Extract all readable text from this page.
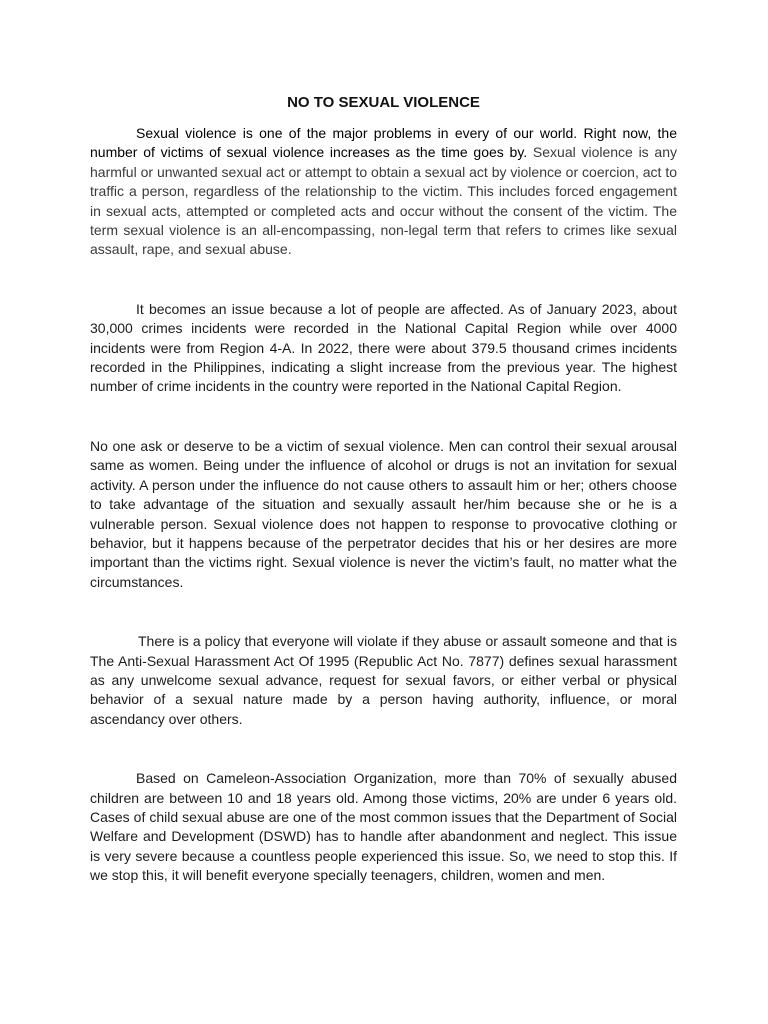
NO TO SEXUAL VIOLENCE

Sexual violence is one of the major problems in every of our world. Right now, the number of victims of sexual violence increases as the time goes by. Sexual violence is any harmful or unwanted sexual act or attempt to obtain a sexual act by violence or coercion, act to traffic a person, regardless of the relationship to the victim. This includes forced engagement in sexual acts, attempted or completed acts and occur without the consent of the victim. The term sexual violence is an all-encompassing, non-legal term that refers to crimes like sexual assault, rape, and sexual abuse.

It becomes an issue because a lot of people are affected. As of January 2023, about 30,000 crimes incidents were recorded in the National Capital Region while over 4000 incidents were from Region 4-A. In 2022, there were about 379.5 thousand crimes incidents recorded in the Philippines, indicating a slight increase from the previous year. The highest number of crime incidents in the country were reported in the National Capital Region.

No one ask or deserve to be a victim of sexual violence. Men can control their sexual arousal same as women. Being under the influence of alcohol or drugs is not an invitation for sexual activity. A person under the influence do not cause others to assault him or her; others choose to take advantage of the situation and sexually assault her/him because she or he is a vulnerable person. Sexual violence does not happen to response to provocative clothing or behavior, but it happens because of the perpetrator decides that his or her desires are more important than the victims right. Sexual violence is never the victim’s fault, no matter what the circumstances.

There is a policy that everyone will violate if they abuse or assault someone and that is The Anti-Sexual Harassment Act Of 1995 (Republic Act No. 7877) defines sexual harassment as any unwelcome sexual advance, request for sexual favors, or either verbal or physical behavior of a sexual nature made by a person having authority, influence, or moral ascendancy over others.

Based on Cameleon-Association Organization, more than 70% of sexually abused children are between 10 and 18 years old. Among those victims, 20% are under 6 years old. Cases of child sexual abuse are one of the most common issues that the Department of Social Welfare and Development (DSWD) has to handle after abandonment and neglect. This issue is very severe because a countless people experienced this issue. So, we need to stop this. If we stop this, it will benefit everyone specially teenagers, children, women and men.
